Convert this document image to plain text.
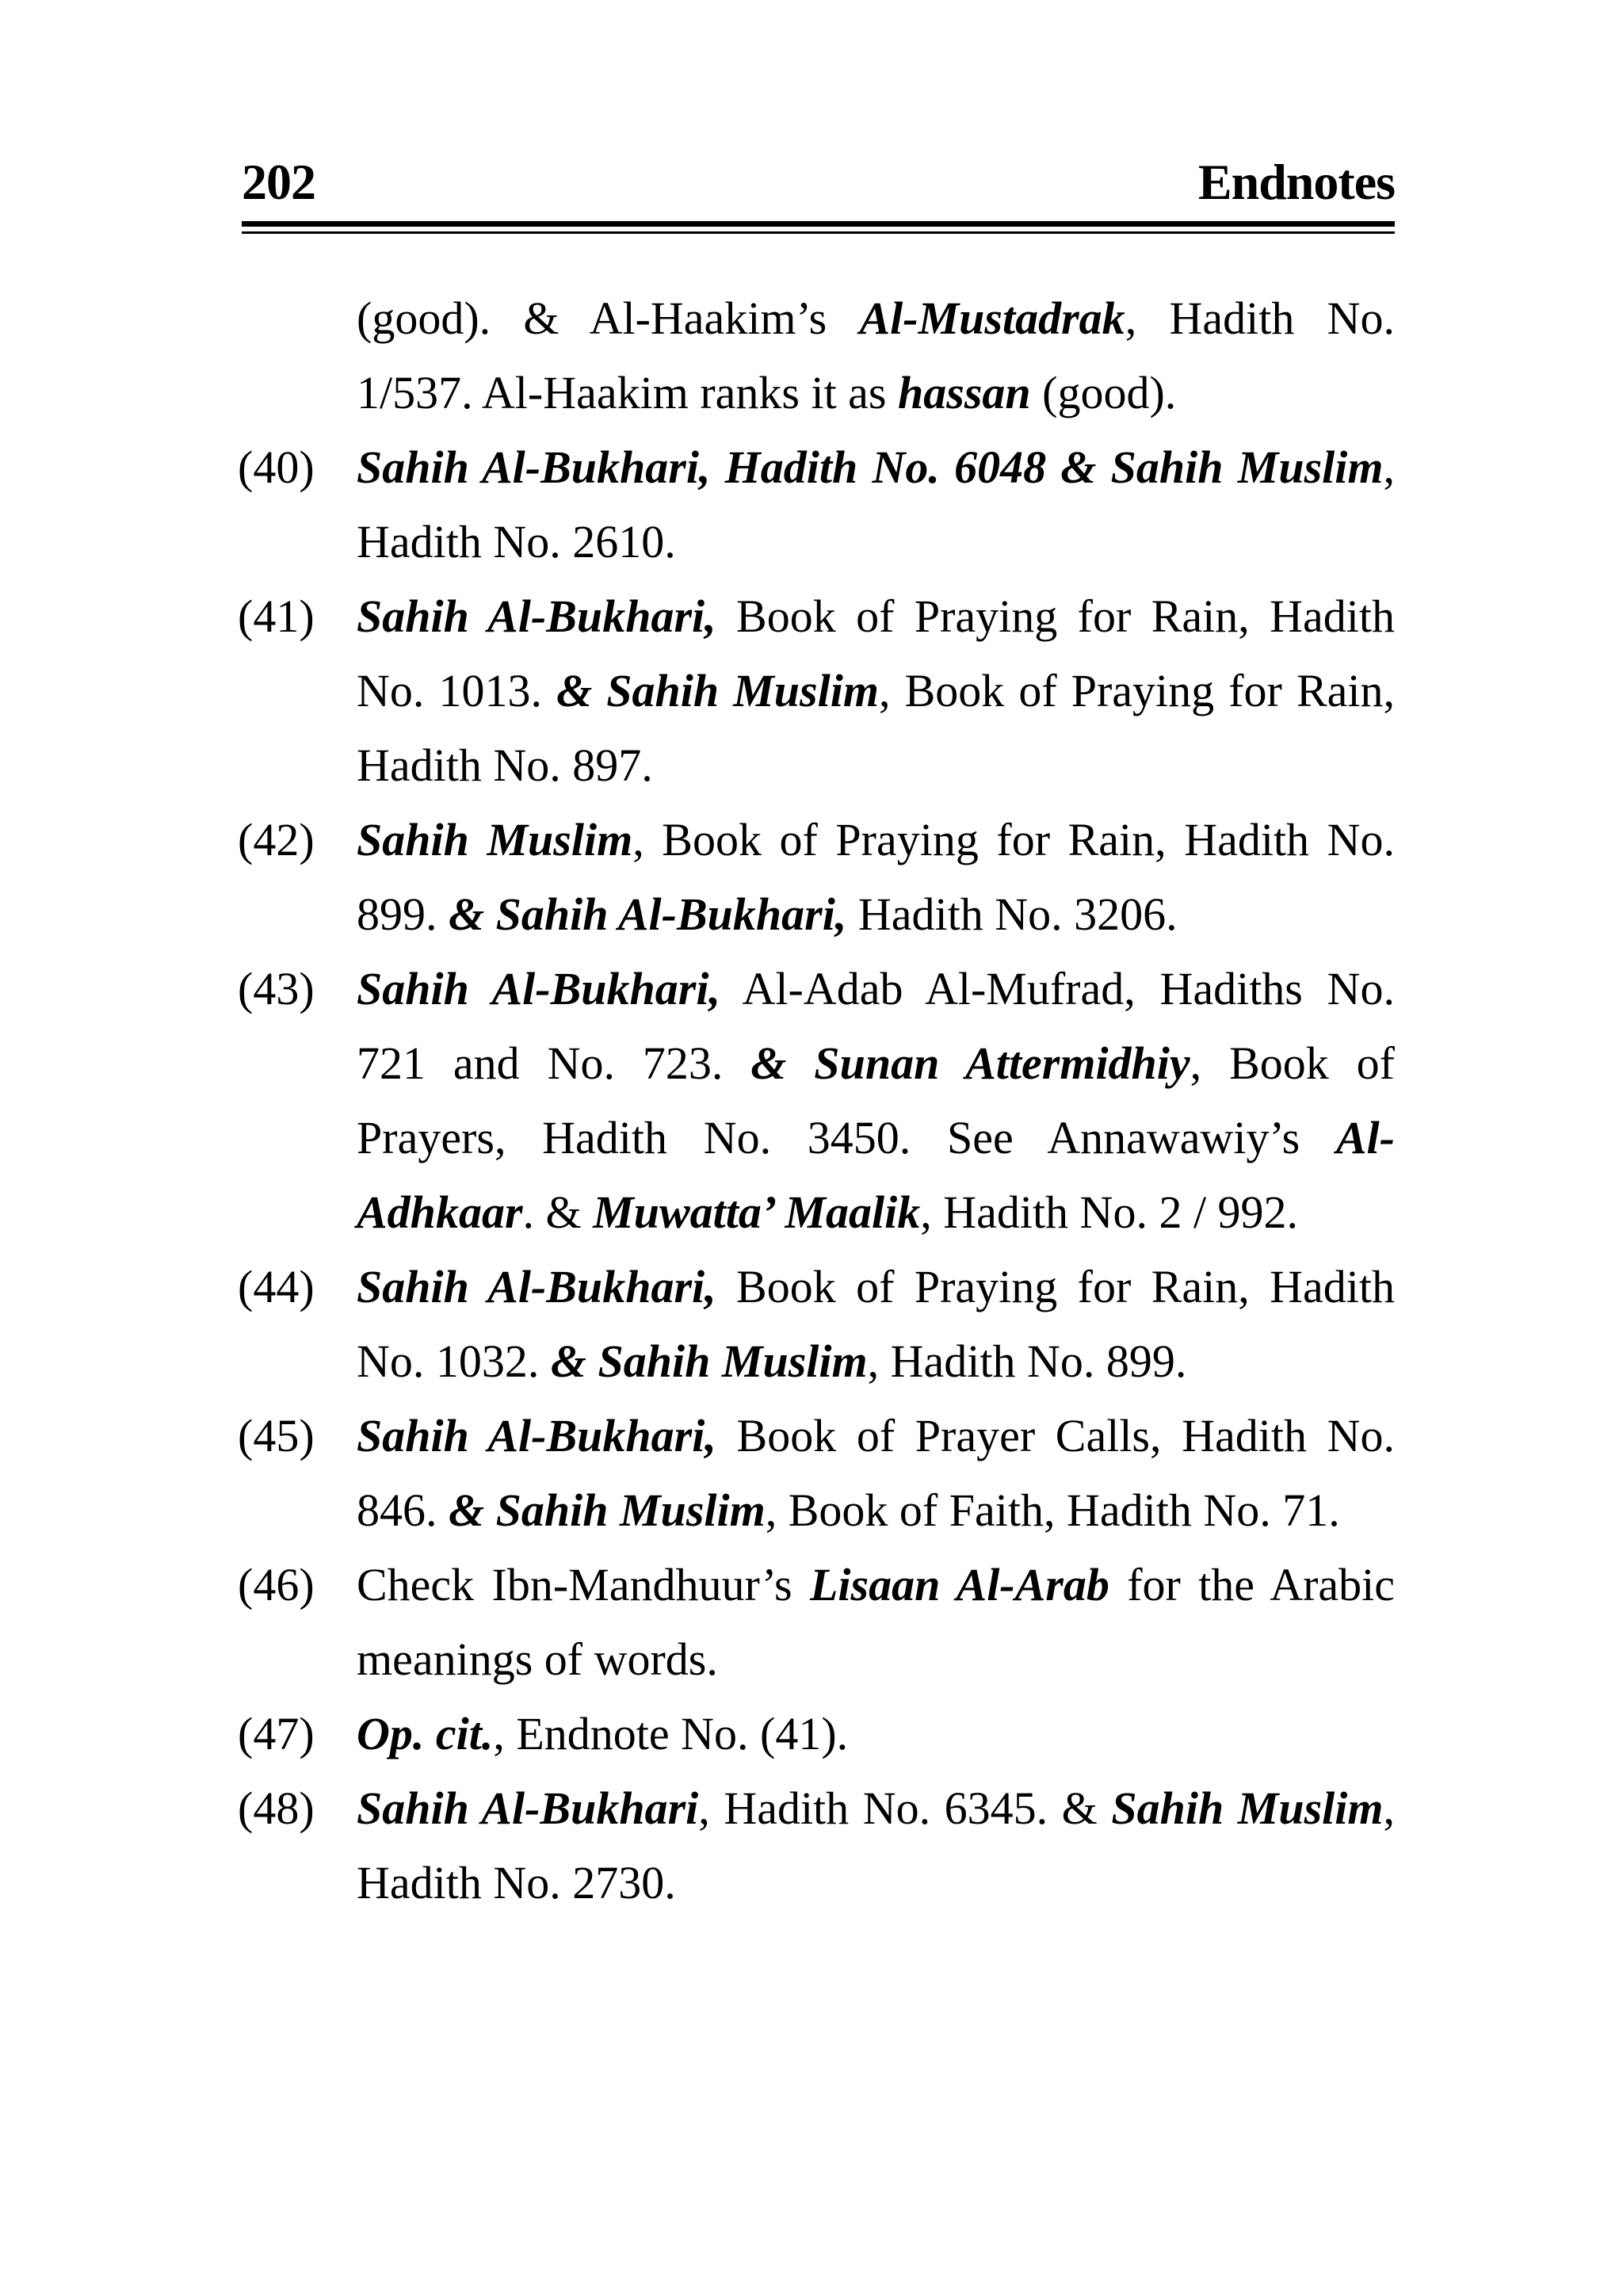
202	Endnotes

(good). & Al-Haakim’s Al-Mustadrak, Hadith No. 1/537. Al-Haakim ranks it as hassan (good).

(40) Sahih Al-Bukhari, Hadith No. 6048 & Sahih Muslim, Hadith No. 2610.

(41) Sahih Al-Bukhari, Book of Praying for Rain, Hadith No. 1013. & Sahih Muslim, Book of Praying for Rain, Hadith No. 897.

(42) Sahih Muslim, Book of Praying for Rain, Hadith No. 899. & Sahih Al-Bukhari, Hadith No. 3206.

(43) Sahih Al-Bukhari, Al-Adab Al-Mufrad, Hadiths No. 721 and No. 723. & Sunan Attermidhiy, Book of Prayers, Hadith No. 3450. See Annawawiy’s Al-Adhkaar. & Muwatta’ Maalik, Hadith No. 2 / 992.

(44) Sahih Al-Bukhari, Book of Praying for Rain, Hadith No. 1032. & Sahih Muslim, Hadith No. 899.

(45) Sahih Al-Bukhari, Book of Prayer Calls, Hadith No. 846. & Sahih Muslim, Book of Faith, Hadith No. 71.

(46) Check Ibn-Mandhuur’s Lisaan Al-Arab for the Arabic meanings of words.

(47) Op. cit., Endnote No. (41).

(48) Sahih Al-Bukhari, Hadith No. 6345. & Sahih Muslim, Hadith No. 2730.
